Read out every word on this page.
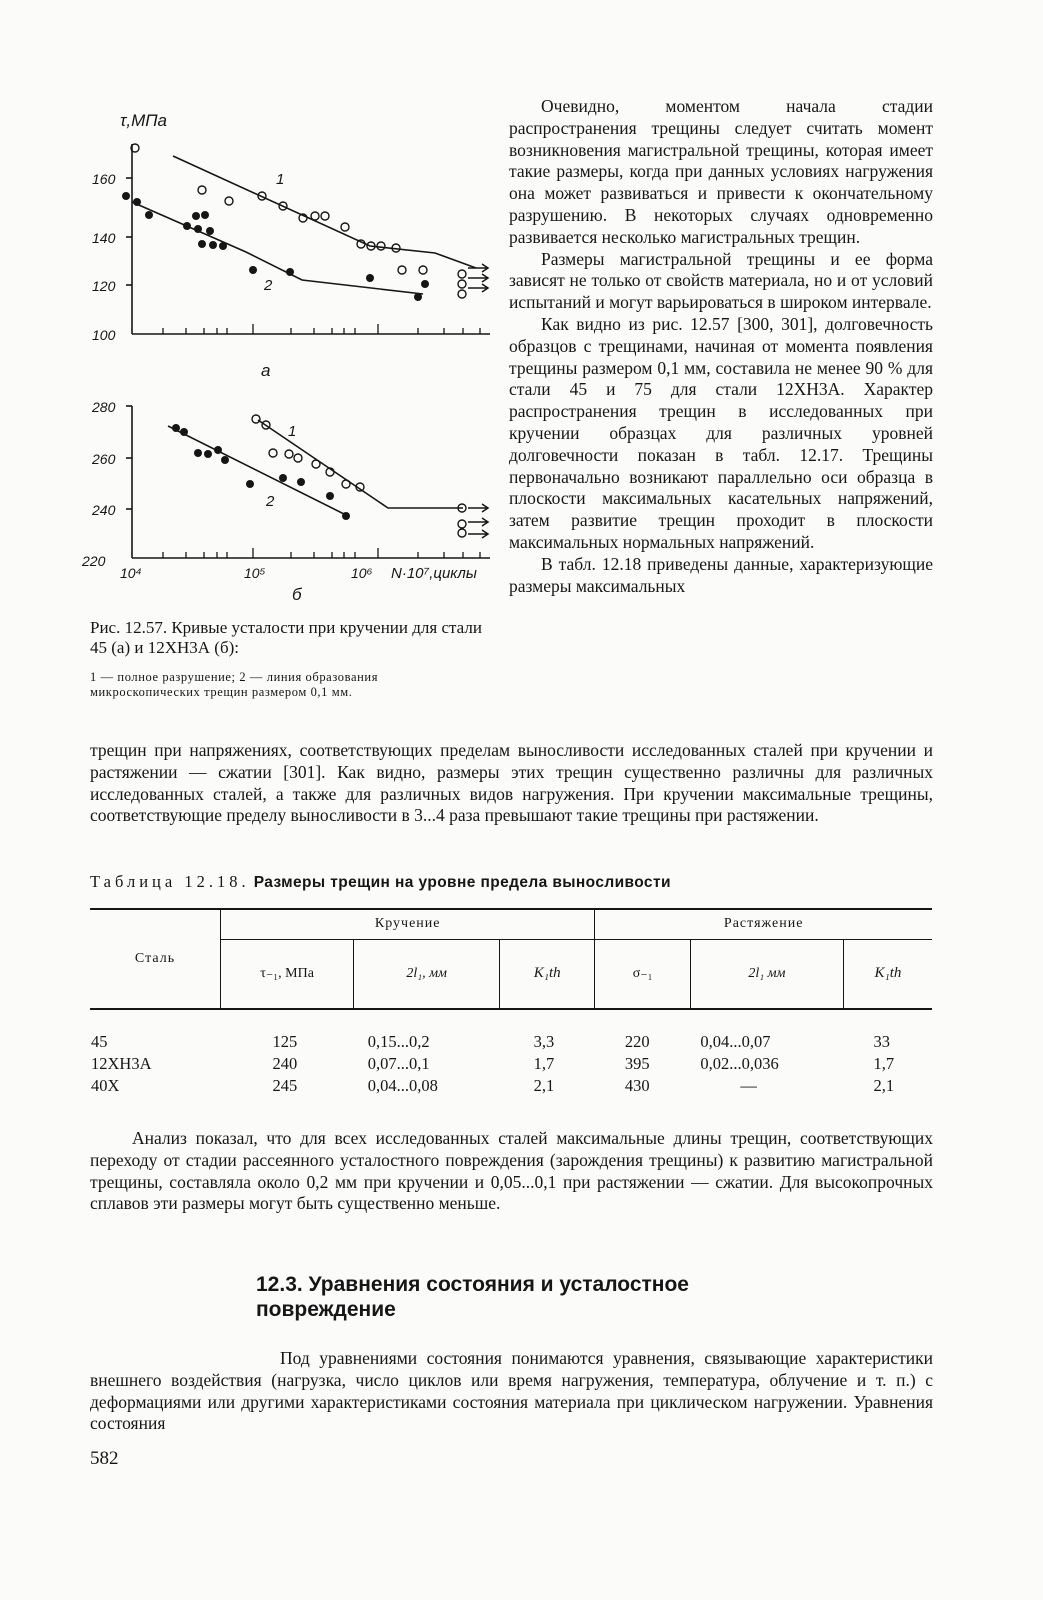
Очевидно, моментом начала стадии распространения трещины следует считать момент возникновения магистральной трещины, которая имеет такие размеры, когда при данных условиях нагружения она может развиваться и привести к окончательному разрушению. В некоторых случаях одновременно развивается несколько магистральных трещин.

Размеры магистральной трещины и ее форма зависят не только от свойств материала, но и от условий испытаний и могут варьироваться в широком интервале.

Как видно из рис. 12.57 [300, 301], долговечность образцов с трещинами, начиная от момента появления трещины размером 0,1 мм, составила не менее 90 % для стали 45 и 75 для стали 12ХН3А. Характер распространения трещин в исследованных при кручении образцах для различных уровней долговечности показан в табл. 12.17. Трещины первоначально возникают параллельно оси образца в плоскости максимальных касательных напряжений, затем развитие трещин проходит в плоскости максимальных нормальных напряжений.

В табл. 12.18 приведены данные, характеризующие размеры максимальных

τ,МПа
160
140
120
100
1
2
а
280
260
240
220
10⁴	10⁵	10⁶ N·10⁷,циклы
1
2
б
Рис. 12.57. Кривые усталости при кручении для стали 45 (а) и 12ХН3А (б):
1 — полное разрушение; 2 — линия образования микроскопических трещин размером 0,1 мм.
трещин при напряжениях, соответствующих пределам выносливости исследованных сталей при кручении и растяжении — сжатии [301]. Как видно, размеры этих трещин существенно различны для различных исследованных сталей, а также для различных видов нагружения. При кручении максимальные трещины, соответствующие пределу выносливости в 3...4 раза превышают такие трещины при растяжении.
Таблица 12.18. Размеры трещин на уровне предела выносливости
Сталь	Кручение			Растяжение		
	τ₋₁, МПа	2l₁, мм	K₁th	σ₋₁	2l₁ мм	K₁th

45	125	0,15...0,2	3,3	220	0,04...0,07	33
12ХН3А	240	0,07...0,1	1,7	395	0,02...0,036	1,7
40Х	245	0,04...0,08	2,1	430	—	2,1
Анализ показал, что для всех исследованных сталей максимальные длины трещин, соответствующих переходу от стадии рассеянного усталостного повреждения (зарождения трещины) к развитию магистральной трещины, составляла около 0,2 мм при кручении и 0,05...0,1 при растяжении — сжатии. Для высокопрочных сплавов эти размеры могут быть существенно меньше.
12.3. Уравнения состояния и усталостное повреждение
Под уравнениями состояния понимаются уравнения, связывающие характеристики внешнего воздействия (нагрузка, число циклов или время нагружения, температура, облучение и т. п.) с деформациями или другими характеристиками состояния материала при циклическом нагружении. Уравнения состояния
582
